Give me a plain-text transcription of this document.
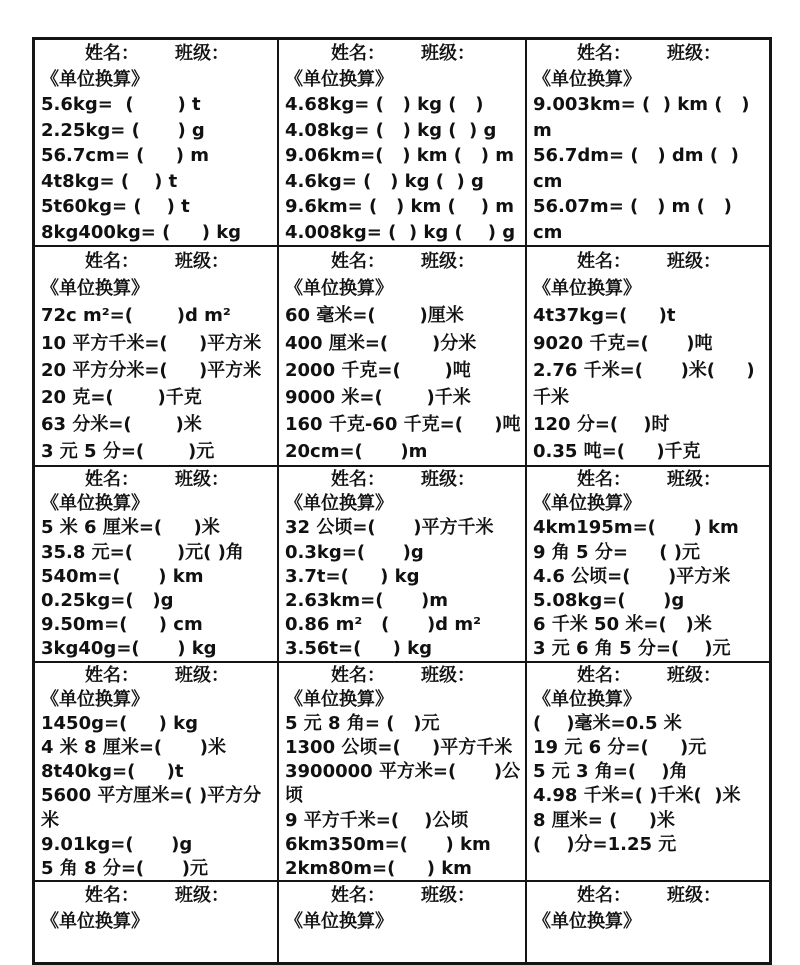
姓名： 班级：
《单位换算》
5.6kg=  (       ) t
2.25kg= (      ) g
56.7cm= (     ) m
4t8kg= (    ) t
5t60kg= (    ) t
8kg400kg= (     ) kg
姓名： 班级：
《单位换算》
4.68kg= (   ) kg (   )
4.08kg= (   ) kg (  ) g
9.06km=(   ) km (   ) m
4.6kg= (   ) kg (  ) g
9.6km= (   ) km (    ) m
4.008kg= (  ) kg (    ) g
姓名： 班级：
《单位换算》
9.003km= (  ) km (   ) m
56.7dm= (   ) dm (  ) cm
56.07m= (   ) m (   ) cm
姓名： 班级：
《单位换算》
72c m²=(       )d m²
10 平方千米=(     )平方米
20 平方分米=(     )平方米
20 克=(       )千克
63 分米=(       )米
3 元 5 分=(       )元
姓名： 班级：
《单位换算》
60 毫米=(       )厘米
400 厘米=(       )分米
2000 千克=(       )吨
9000 米=(       )千米
160 千克-60 千克=(     )吨
20cm=(      )m
姓名： 班级：
《单位换算》
4t37kg=(     )t
9020 千克=(      )吨
2.76 千米=(      )米(     ) 千米
120 分=(    )时
0.35 吨=(     )千克
姓名： 班级：
《单位换算》
5 米 6 厘米=(     )米
35.8 元=(       )元( )角
540m=(      ) km
0.25kg=(   )g
9.50m=(     ) cm
3kg40g=(      ) kg
姓名： 班级：
《单位换算》
32 公顷=(      )平方千米
0.3kg=(      )g
3.7t=(     ) kg
2.63km=(      )m
0.86 m²   (      )d m²
3.56t=(     ) kg
姓名： 班级：
《单位换算》
4km195m=(      ) km
9 角 5 分=     ( )元
4.6 公顷=(      )平方米
5.08kg=(      )g
6 千米 50 米=(   )米
3 元 6 角 5 分=(    )元
姓名： 班级：
《单位换算》
1450g=(     ) kg
4 米 8 厘米=(      )米
8t40kg=(     )t
5600 平方厘米=( )平方分米
9.01kg=(      )g
5 角 8 分=(      )元
姓名： 班级：
《单位换算》
5 元 8 角= (   )元
1300 公顷=(     )平方千米
3900000 平方米=(      )公顷
9 平方千米=(    )公顷
6km350m=(      ) km
2km80m=(     ) km
姓名： 班级：
《单位换算》
(    )毫米=0.5 米
19 元 6 分=(     )元
5 元 3 角=(    )角
4.98 千米=( )千米(  )米
8 厘米= (     )米
(    )分=1.25 元
姓名： 班级：
《单位换算》
姓名： 班级：
《单位换算》
姓名： 班级：
《单位换算》
